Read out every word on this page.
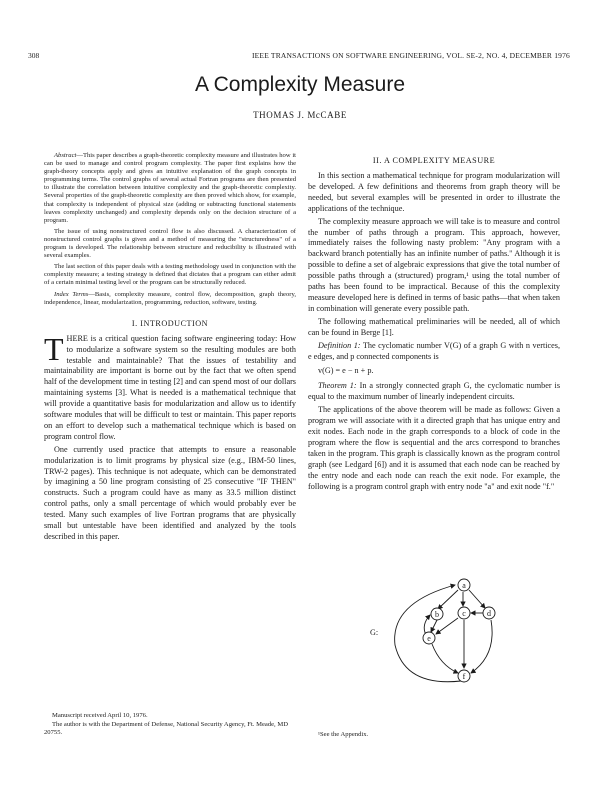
308	IEEE TRANSACTIONS ON SOFTWARE ENGINEERING, VOL. SE-2, NO. 4, DECEMBER 1976
A Complexity Measure
THOMAS J. McCABE

Abstract—This paper describes a graph-theoretic complexity measure and illustrates how it can be used to manage and control program complexity. The paper first explains how the graph-theory concepts apply and gives an intuitive explanation of the graph concepts in programming terms. The control graphs of several actual Fortran programs are then presented to illustrate the correlation between intuitive complexity and the graph-theoretic complexity. Several properties of the graph-theoretic complexity are then proved which show, for example, that complexity is independent of physical size (adding or subtracting functional statements leaves complexity unchanged) and complexity depends only on the decision structure of a program.

The issue of using nonstructured control flow is also discussed. A characterization of nonstructured control graphs is given and a method of measuring the "structuredness" of a program is developed. The relationship between structure and reducibility is illustrated with several examples.

The last section of this paper deals with a testing methodology used in conjunction with the complexity measure; a testing strategy is defined that dictates that a program can either admit of a certain minimal testing level or the program can be structurally reduced.

Index Terms—Basis, complexity measure, control flow, decomposition, graph theory, independence, linear, modularization, programming, reduction, software, testing.

I. INTRODUCTION

THERE is a critical question facing software engineering today: How to modularize a software system so the resulting modules are both testable and maintainable? That the issues of testability and maintainability are important is borne out by the fact that we often spend half of the development time in testing [2] and can spend most of our dollars maintaining systems [3]. What is needed is a mathematical technique that will provide a quantitative basis for modularization and allow us to identify software modules that will be difficult to test or maintain. This paper reports on an effort to develop such a mathematical technique which is based on program control flow.

One currently used practice that attempts to ensure a reasonable modularization is to limit programs by physical size (e.g., IBM-50 lines, TRW-2 pages). This technique is not adequate, which can be demonstrated by imagining a 50 line program consisting of 25 consecutive "IF THEN" constructs. Such a program could have as many as 33.5 million distinct control paths, only a small percentage of which would probably ever be tested. Many such examples of live Fortran programs that are physically small but untestable have been identified and analyzed by the tools described in this paper.

Manuscript received April 10, 1976.

The author is with the Department of Defense, National Security Agency, Ft. Meade, MD 20755.

II. A COMPLEXITY MEASURE

In this section a mathematical technique for program modularization will be developed. A few definitions and theorems from graph theory will be needed, but several examples will be presented in order to illustrate the applications of the technique.

The complexity measure approach we will take is to measure and control the number of paths through a program. This approach, however, immediately raises the following nasty problem: "Any program with a backward branch potentially has an infinite number of paths." Although it is possible to define a set of algebraic expressions that give the total number of possible paths through a (structured) program,¹ using the total number of paths has been found to be impractical. Because of this the complexity measure developed here is defined in terms of basic paths—that when taken in combination will generate every possible path.

The following mathematical preliminaries will be needed, all of which can be found in Berge [1].

Definition 1: The cyclomatic number V(G) of a graph G with n vertices, e edges, and p connected components is

v(G) = e − n + p.

Theorem 1: In a strongly connected graph G, the cyclomatic number is equal to the maximum number of linearly independent circuits.

The applications of the above theorem will be made as follows: Given a program we will associate with it a directed graph that has unique entry and exit nodes. Each node in the graph corresponds to a block of code in the program where the flow is sequential and the arcs correspond to branches taken in the program. This graph is classically known as the program control graph (see Ledgard [6]) and it is assumed that each node can be reached by the entry node and each node can reach the exit node. For example, the following is a program control graph with entry node "a" and exit node "f."

G:
a
b	c	d
e
f
¹See the Appendix.
